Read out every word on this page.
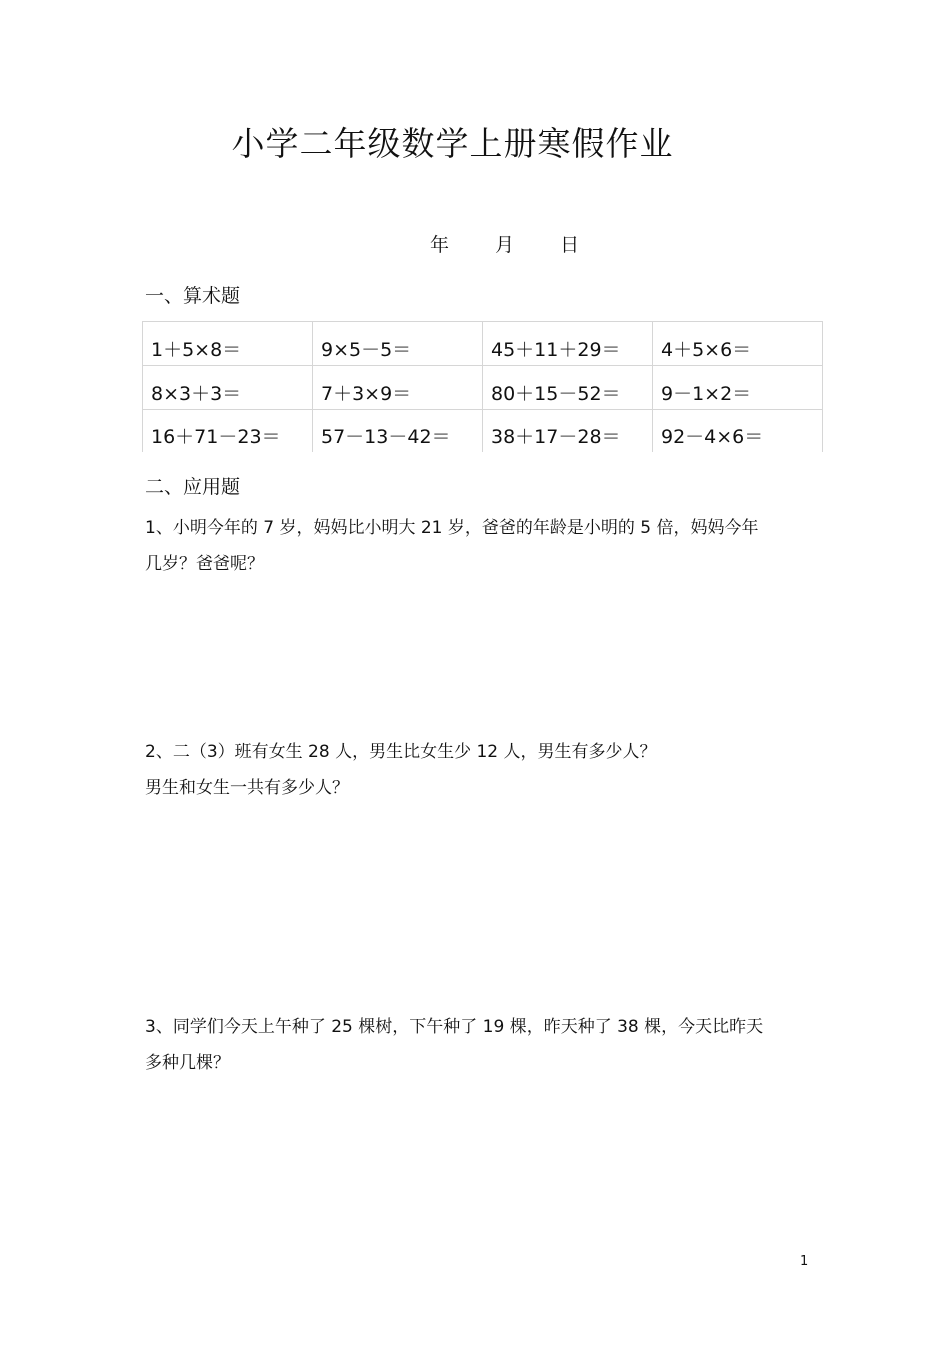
小学二年级数学上册寒假作业
年 月 日
一、算术题
1＋5×8＝	9×5－5＝	45＋11＋29＝	4＋5×6＝
8×3＋3＝	7＋3×9＝	80＋15－52＝	9－1×2＝
16＋71－23＝	57－13－42＝	38＋17－28＝	92－4×6＝
二、应用题
1、小明今年的 7 岁，妈妈比小明大 21 岁，爸爸的年龄是小明的 5 倍，妈妈今年
几岁？爸爸呢？
2、二（3）班有女生 28 人，男生比女生少 12 人，男生有多少人？
男生和女生一共有多少人？
3、同学们今天上午种了 25 棵树，下午种了 19 棵，昨天种了 38 棵，今天比昨天
多种几棵？
1
